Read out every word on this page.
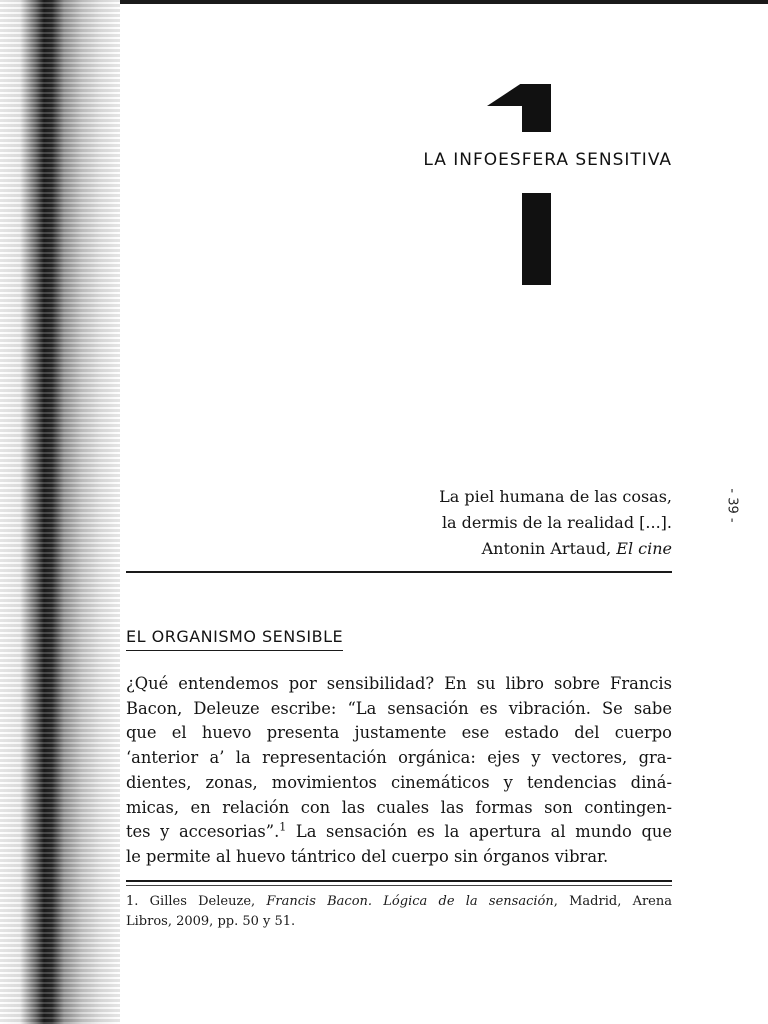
LA INFOESFERA SENSITIVA
- 39 -
La piel humana de las cosas,
la dermis de la realidad [...].
Antonin Artaud, El cine
EL ORGANISMO SENSIBLE
¿Qué entendemos por sensibilidad? En su libro sobre Francis
Bacon, Deleuze escribe: “La sensación es vibración. Se sabe
que el huevo presenta justamente ese estado del cuerpo
‘anterior a’ la representación orgánica: ejes y vectores, gra-
dientes, zonas, movimientos cinemáticos y tendencias diná-
micas, en relación con las cuales las formas son contingen-
tes y accesorias”.$^1$ La sensación es la apertura al mundo que
le permite al huevo tántrico del cuerpo sin órganos vibrar.
1. Gilles Deleuze, Francis Bacon. Lógica de la sensación, Madrid, Arena
Libros, 2009, pp. 50 y 51.
